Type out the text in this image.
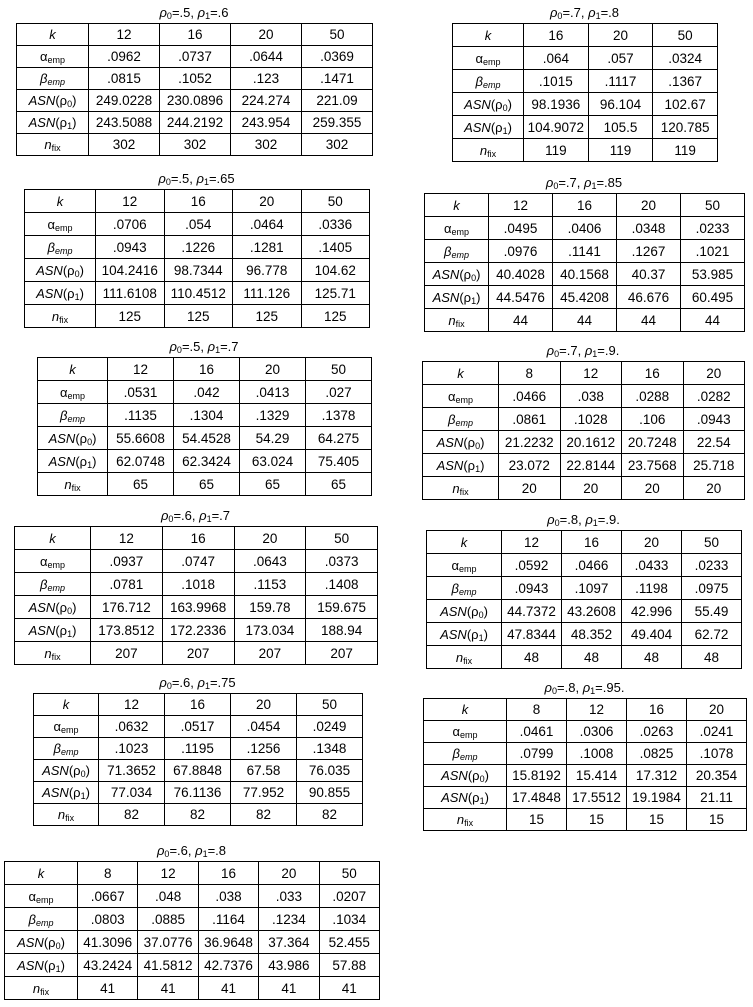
$\rho_0=.5$, $\rho_1=.6$
k	12	16	20	50
$\alpha_{emp}$	.0962	.0737	.0644	.0369
$\beta_{emp}$	.0815	.1052	.123	.1471
$ASN(\rho_0)$	249.0228	230.0896	224.274	221.09
$ASN(\rho_1)$	243.5088	244.2192	243.954	259.355
$n_{fix}$	302	302	302	302
$\rho_0=.5$, $\rho_1=.65$
k	12	16	20	50
$\alpha_{emp}$	.0706	.054	.0464	.0336
$\beta_{emp}$	.0943	.1226	.1281	.1405
$ASN(\rho_0)$	104.2416	98.7344	96.778	104.62
$ASN(\rho_1)$	111.6108	110.4512	111.126	125.71
$n_{fix}$	125	125	125	125
$\rho_0=.5$, $\rho_1=.7$
k	12	16	20	50
$\alpha_{emp}$	.0531	.042	.0413	.027
$\beta_{emp}$	.1135	.1304	.1329	.1378
$ASN(\rho_0)$	55.6608	54.4528	54.29	64.275
$ASN(\rho_1)$	62.0748	62.3424	63.024	75.405
$n_{fix}$	65	65	65	65
$\rho_0=.6$, $\rho_1=.7$
k	12	16	20	50
$\alpha_{emp}$	.0937	.0747	.0643	.0373
$\beta_{emp}$	.0781	.1018	.1153	.1408
$ASN(\rho_0)$	176.712	163.9968	159.78	159.675
$ASN(\rho_1)$	173.8512	172.2336	173.034	188.94
$n_{fix}$	207	207	207	207
$\rho_0=.6$, $\rho_1=.75$
k	12	16	20	50
$\alpha_{emp}$	.0632	.0517	.0454	.0249
$\beta_{emp}$	.1023	.1195	.1256	.1348
$ASN(\rho_0)$	71.3652	67.8848	67.58	76.035
$ASN(\rho_1)$	77.034	76.1136	77.952	90.855
$n_{fix}$	82	82	82	82
$\rho_0=.6$, $\rho_1=.8$
k	8	12	16	20	50
$\alpha_{emp}$	.0667	.048	.038	.033	.0207
$\beta_{emp}$	.0803	.0885	.1164	.1234	.1034
$ASN(\rho_0)$	41.3096	37.0776	36.9648	37.364	52.455
$ASN(\rho_1)$	43.2424	41.5812	42.7376	43.986	57.88
$n_{fix}$	41	41	41	41	41
$\rho_0=.7$, $\rho_1=.8$
k	16	20	50
$\alpha_{emp}$	.064	.057	.0324
$\beta_{emp}$	.1015	.1117	.1367
$ASN(\rho_0)$	98.1936	96.104	102.67
$ASN(\rho_1)$	104.9072	105.5	120.785
$n_{fix}$	119	119	119
$\rho_0=.7$, $\rho_1=.85$
k	12	16	20	50
$\alpha_{emp}$	.0495	.0406	.0348	.0233
$\beta_{emp}$	.0976	.1141	.1267	.1021
$ASN(\rho_0)$	40.4028	40.1568	40.37	53.985
$ASN(\rho_1)$	44.5476	45.4208	46.676	60.495
$n_{fix}$	44	44	44	44
$\rho_0=.7$, $\rho_1=.9$.
k	8	12	16	20
$\alpha_{emp}$	.0466	.038	.0288	.0282
$\beta_{emp}$	.0861	.1028	.106	.0943
$ASN(\rho_0)$	21.2232	20.1612	20.7248	22.54
$ASN(\rho_1)$	23.072	22.8144	23.7568	25.718
$n_{fix}$	20	20	20	20
$\rho_0=.8$, $\rho_1=.9$.
k	12	16	20	50
$\alpha_{emp}$	.0592	.0466	.0433	.0233
$\beta_{emp}$	.0943	.1097	.1198	.0975
$ASN(\rho_0)$	44.7372	43.2608	42.996	55.49
$ASN(\rho_1)$	47.8344	48.352	49.404	62.72
$n_{fix}$	48	48	48	48
$\rho_0=.8$, $\rho_1=.95$.
k	8	12	16	20
$\alpha_{emp}$	.0461	.0306	.0263	.0241
$\beta_{emp}$	.0799	.1008	.0825	.1078
$ASN(\rho_0)$	15.8192	15.414	17.312	20.354
$ASN(\rho_1)$	17.4848	17.5512	19.1984	21.11
$n_{fix}$	15	15	15	15
